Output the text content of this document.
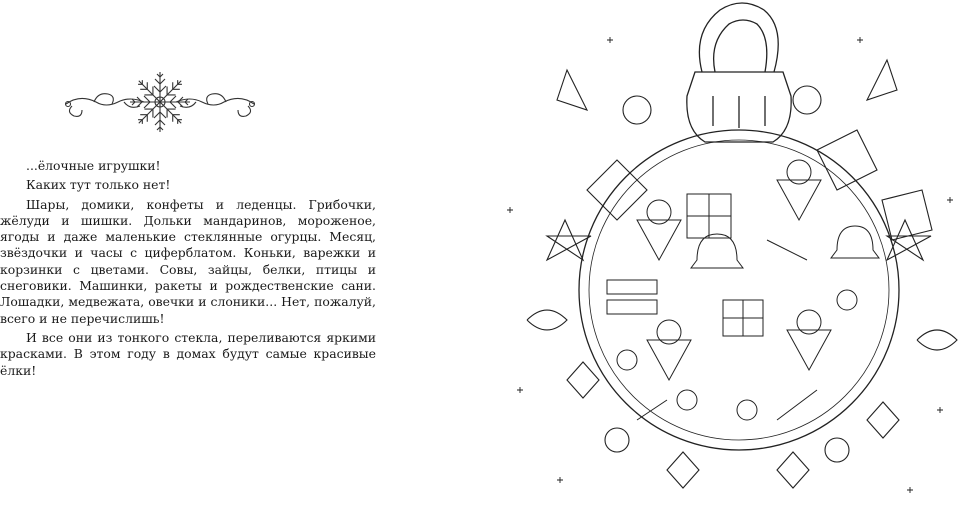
...ёлочные игрушки!

Каких тут только нет!

Шары, домики, конфеты и леденцы. Грибочки, жёлуди и шишки. Дольки мандаринов, мороженое, ягоды и даже маленькие стеклянные огурцы. Месяц, звёздочки и часы с циферблатом. Коньки, варежки и корзинки с цветами. Совы, зайцы, белки, птицы и снеговики. Машинки, ракеты и рождественские сани. Лошадки, медвежата, овечки и слоники... Нет, пожалуй, всего и не перечислишь!

И все они из тонкого стекла, переливаются яркими красками. В этом году в домах будут самые красивые ёлки!
